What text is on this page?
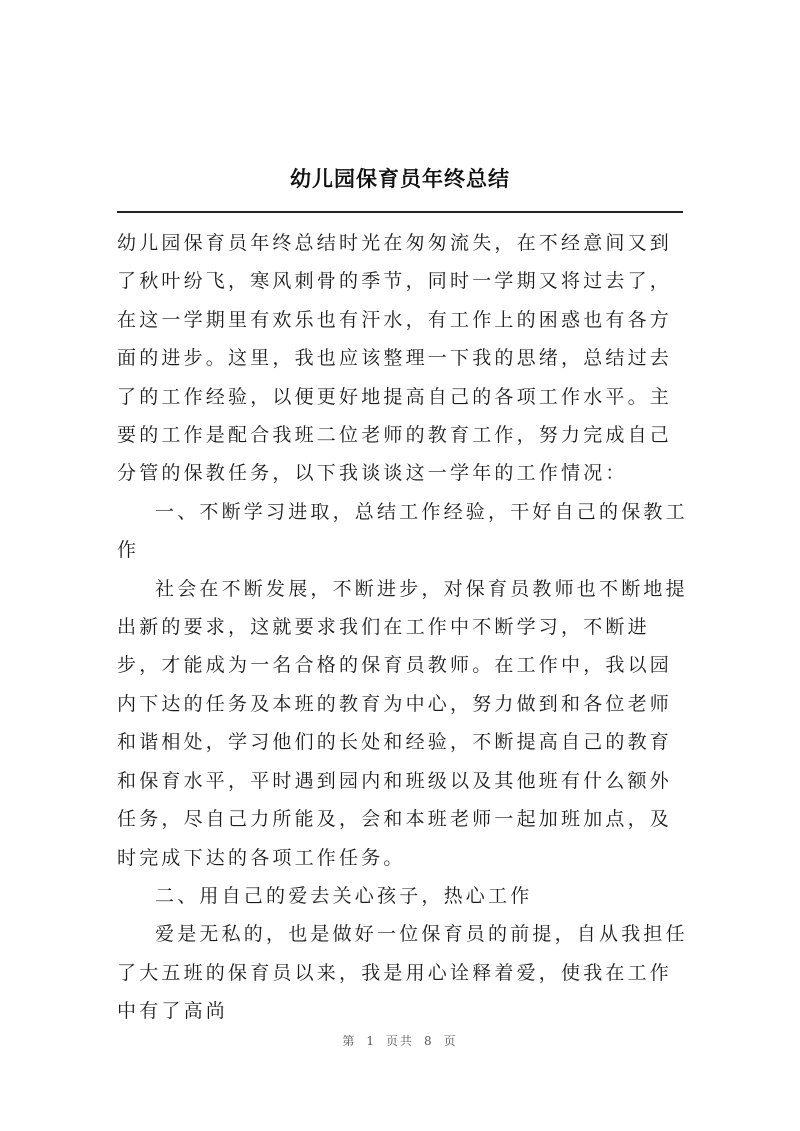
幼儿园保育员年终总结

幼儿园保育员年终总结时光在匆匆流失，在不经意间又到了秋叶纷飞，寒风刺骨的季节，同时一学期又将过去了，在这一学期里有欢乐也有汗水，有工作上的困惑也有各方面的进步。这里，我也应该整理一下我的思绪，总结过去了的工作经验，以便更好地提高自己的各项工作水平。主要的工作是配合我班二位老师的教育工作，努力完成自己分管的保教任务，以下我谈谈这一学年的工作情况：

一、不断学习进取，总结工作经验，干好自己的保教工作

社会在不断发展，不断进步，对保育员教师也不断地提出新的要求，这就要求我们在工作中不断学习，不断进步，才能成为一名合格的保育员教师。在工作中，我以园内下达的任务及本班的教育为中心，努力做到和各位老师和谐相处，学习他们的长处和经验，不断提高自己的教育和保育水平，平时遇到园内和班级以及其他班有什么额外任务，尽自己力所能及，会和本班老师一起加班加点，及时完成下达的各项工作任务。

二、用自己的爱去关心孩子，热心工作

爱是无私的，也是做好一位保育员的前提，自从我担任了大五班的保育员以来，我是用心诠释着爱，使我在工作中有了高尚

第 1 页共 8 页
